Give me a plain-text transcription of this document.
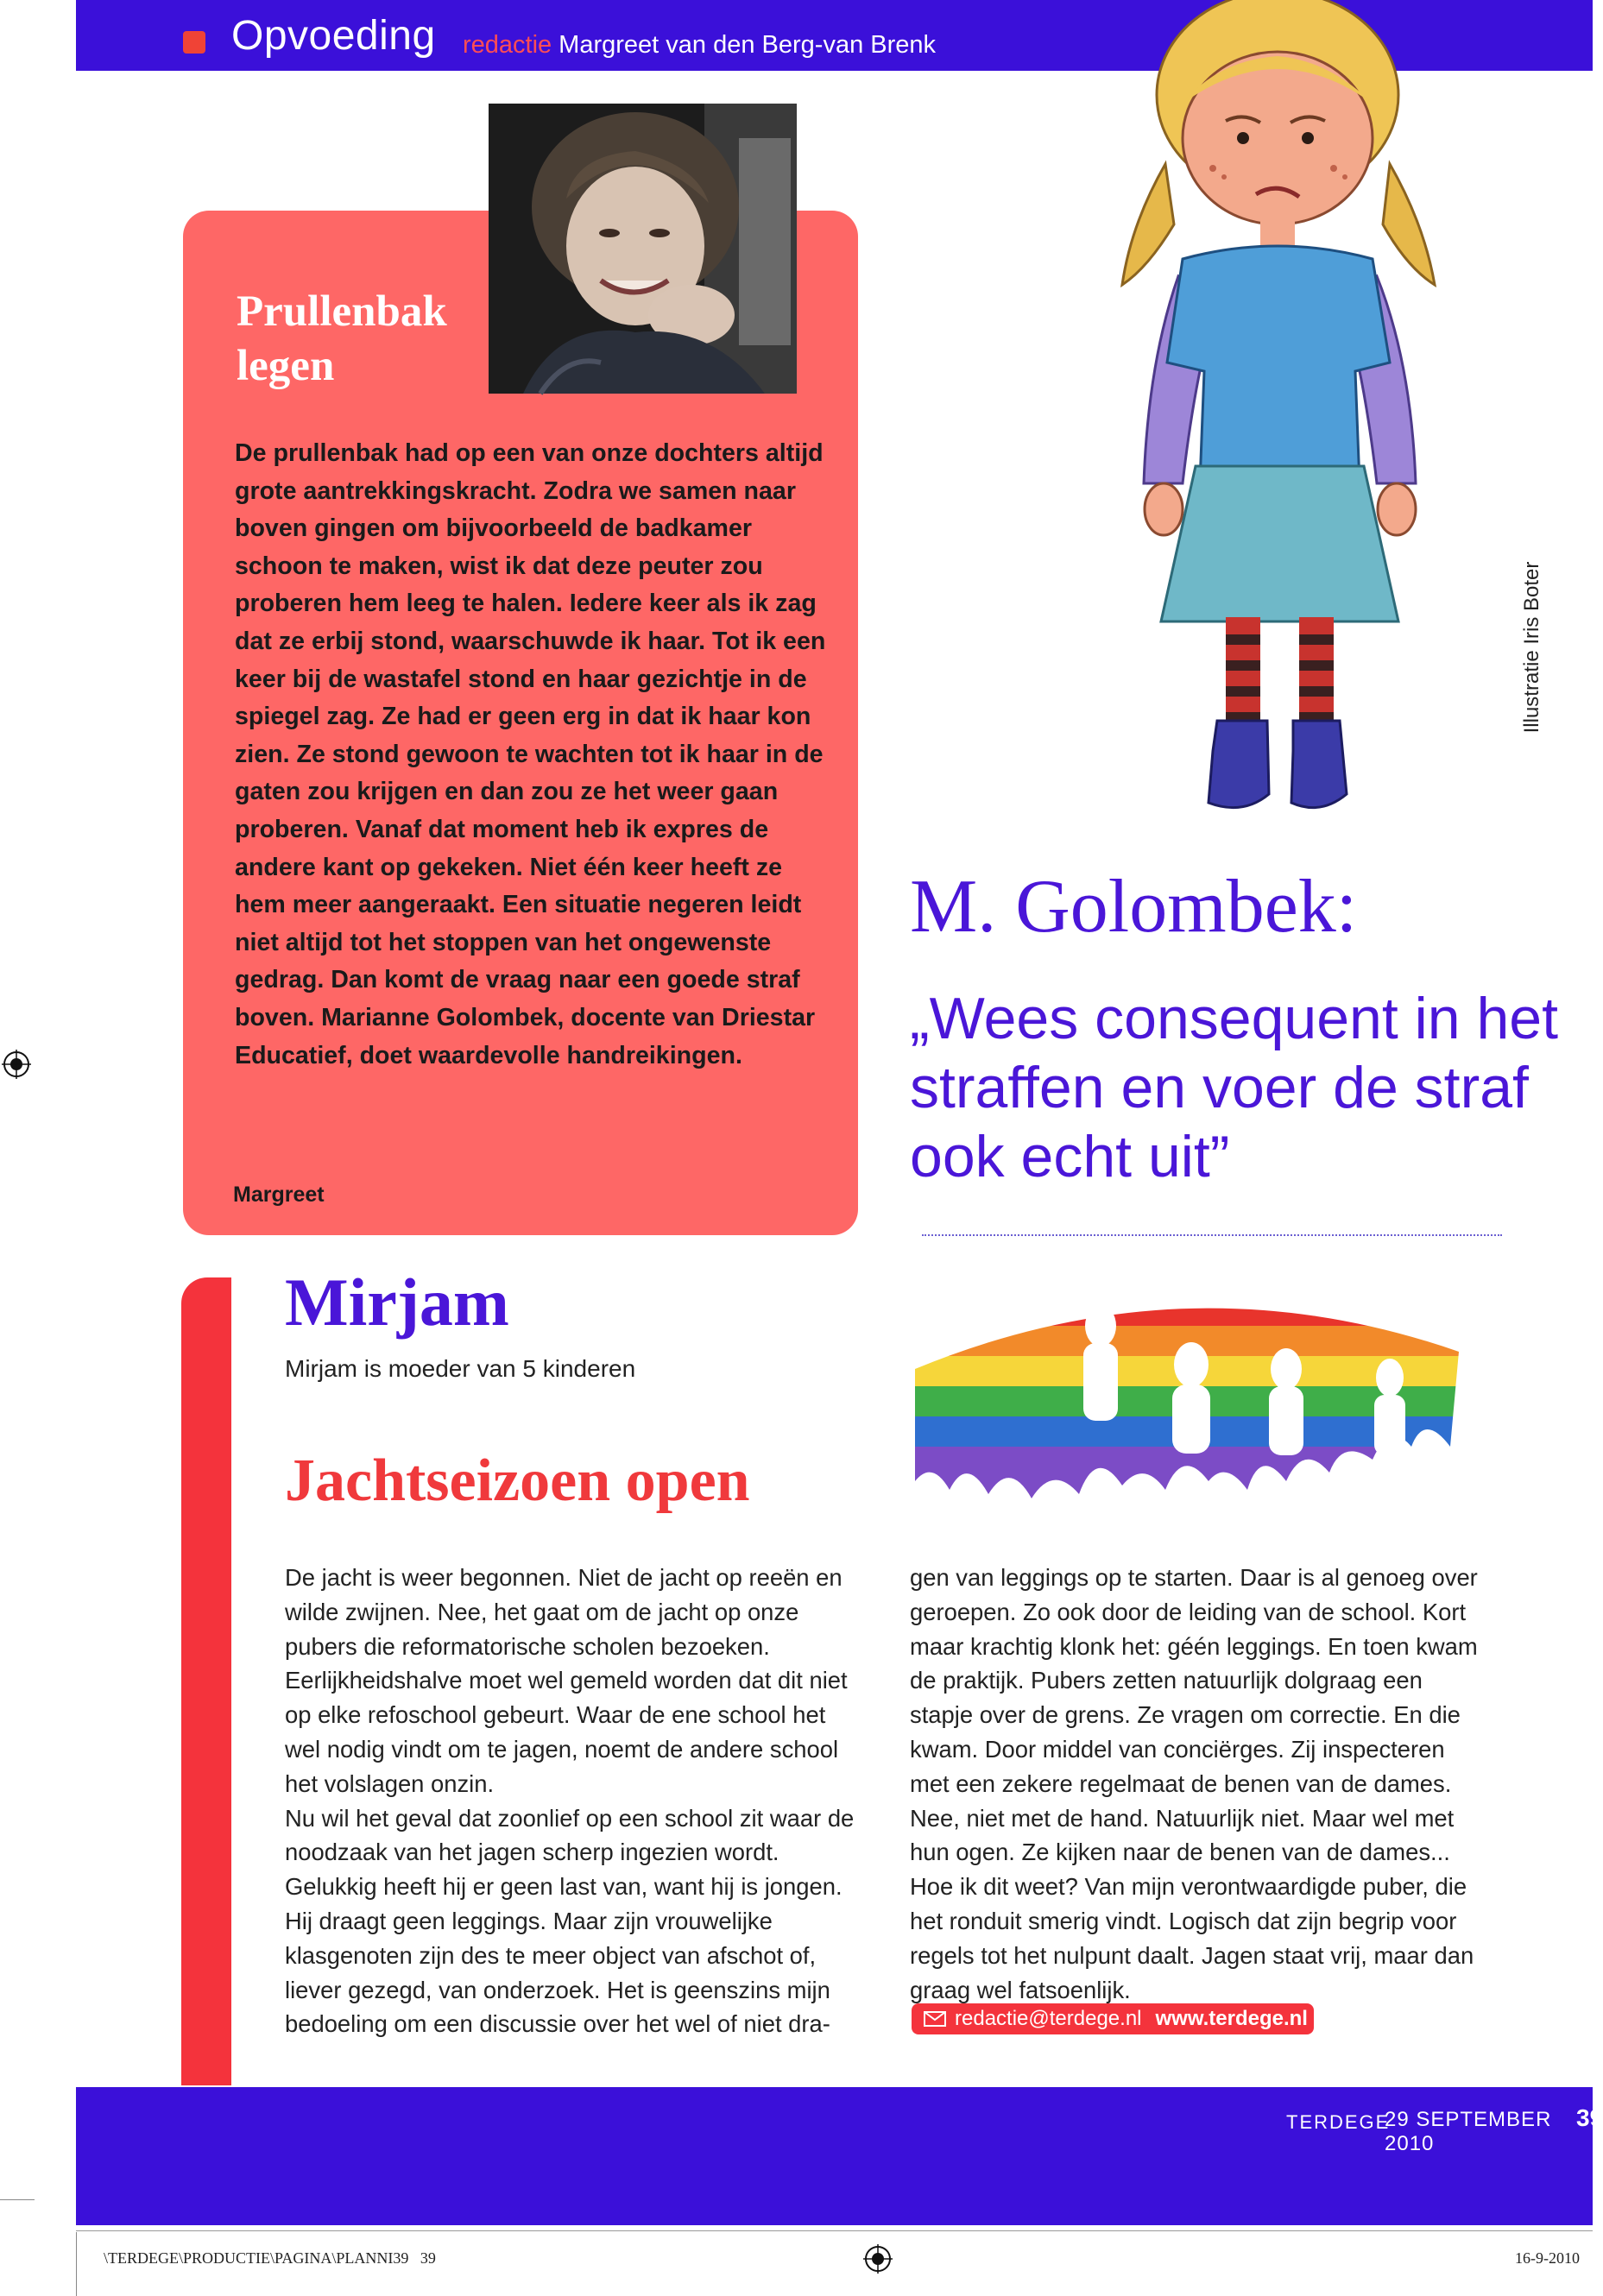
Opvoeding redactie Margreet van den Berg-van Brenk
Prullenbak legen

De prullenbak had op een van onze dochters altijd grote aantrekkingskracht. Zodra we samen naar boven gingen om bijvoorbeeld de badkamer schoon te maken, wist ik dat deze peuter zou proberen hem leeg te halen. Iedere keer als ik zag dat ze erbij stond, waarschuwde ik haar. Tot ik een keer bij de wastafel stond en haar gezichtje in de spiegel zag. Ze had er geen erg in dat ik haar kon zien. Ze stond gewoon te wachten tot ik haar in de gaten zou krijgen en dan zou ze het weer gaan proberen. Vanaf dat moment heb ik expres de andere kant op gekeken. Niet één keer heeft ze hem meer aangeraakt. Een situatie negeren leidt niet altijd tot het stoppen van het ongewenste gedrag. Dan komt de vraag naar een goede straf boven. Marianne Golombek, docente van Driestar Educatief, doet waardevolle handreikingen.

Margreet
Illustratie Iris Boter
M. Golombek:
„Wees consequent in het straffen en voer de straf ook echt uit”
Mirjam
Mirjam is moeder van 5 kinderen
Jachtseizoen open

De jacht is weer begonnen. Niet de jacht op reeën en wilde zwijnen. Nee, het gaat om de jacht op onze pubers die reformatorische scholen bezoeken. Eerlijkheidshalve moet wel gemeld worden dat dit niet op elke refoschool gebeurt. Waar de ene school het wel nodig vindt om te jagen, noemt de andere school het volslagen onzin.
Nu wil het geval dat zoonlief op een school zit waar de noodzaak van het jagen scherp ingezien wordt. Gelukkig heeft hij er geen last van, want hij is jongen. Hij draagt geen leggings. Maar zijn vrouwelijke klasgenoten zijn des te meer object van afschot of, liever gezegd, van onderzoek. Het is geenszins mijn bedoeling om een discussie over het wel of niet dra-

gen van leggings op te starten. Daar is al genoeg over geroepen. Zo ook door de leiding van de school. Kort maar krachtig klonk het: géén leggings. En toen kwam de praktijk. Pubers zetten natuurlijk dolgraag een stapje over de grens. Ze vragen om correctie. En die kwam. Door middel van conciërges. Zij inspecteren met een zekere regelmaat de benen van de dames. Nee, niet met de hand. Natuurlijk niet. Maar wel met hun ogen. Ze kijken naar de benen van de dames... Hoe ik dit weet? Van mijn verontwaardigde puber, die het ronduit smerig vindt. Logisch dat zijn begrip voor regels tot het nulpunt daalt. Jagen staat vrij, maar dan graag wel fatsoenlijk.

redactie@terdege.nl www.terdege.nl
TERDEGE
29 SEPTEMBER 2010
39
\TERDEGE\PRODUCTIE\PAGINA\PLANNI39   39	16-9-2010
